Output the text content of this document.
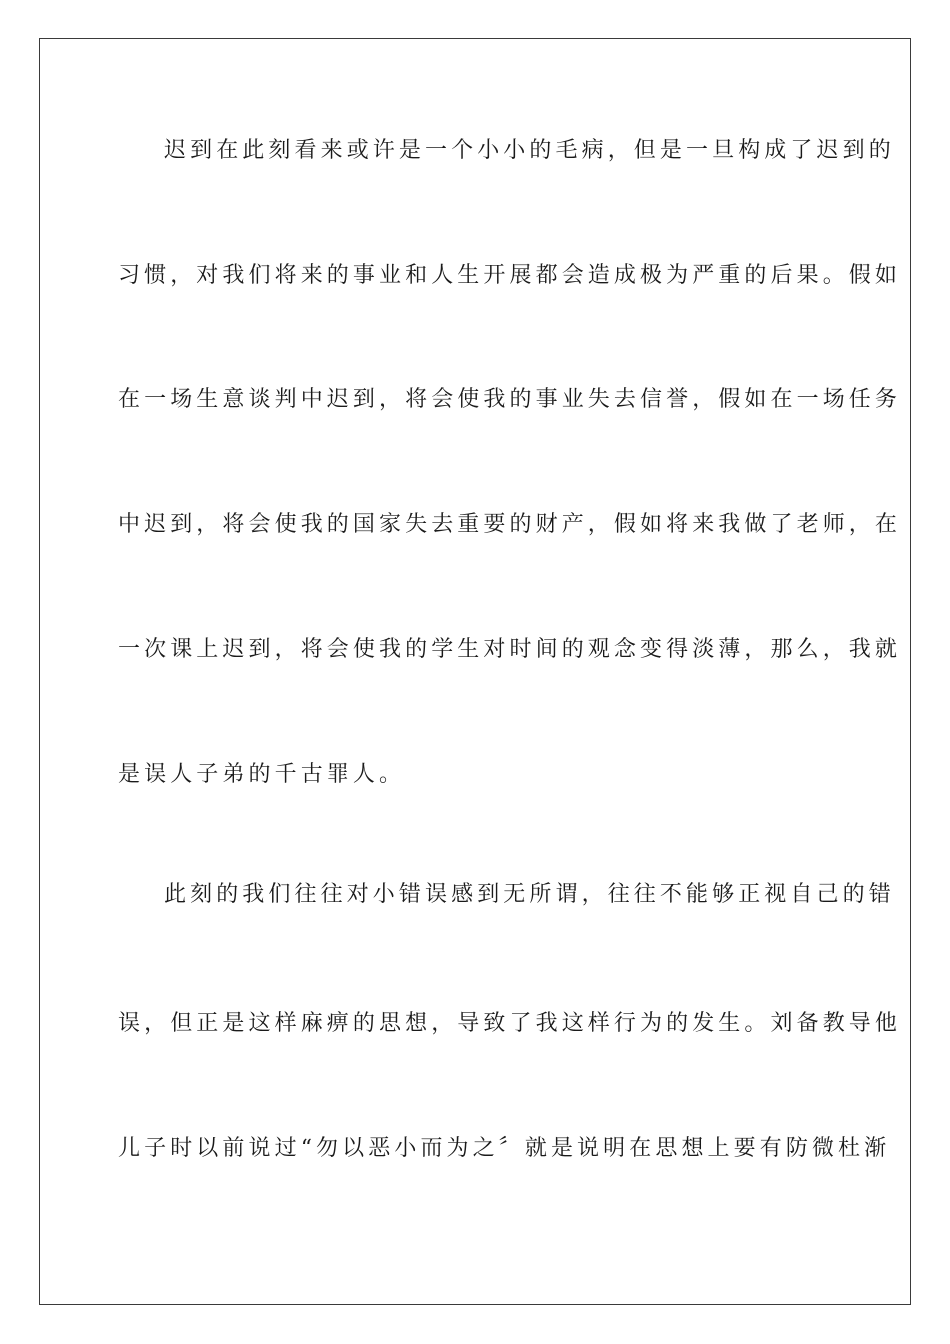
迟到在此刻看来或许是一个小小的毛病，但是一旦构成了迟到的
习惯，对我们将来的事业和人生开展都会造成极为严重的后果。假如
在一场生意谈判中迟到，将会使我的事业失去信誉，假如在一场任务
中迟到，将会使我的国家失去重要的财产，假如将来我做了老师，在
一次课上迟到，将会使我的学生对时间的观念变得淡薄，那么，我就
是误人子弟的千古罪人。
此刻的我们往往对小错误感到无所谓，往往不能够正视自己的错
误，但正是这样麻痹的思想，导致了我这样行为的发生。刘备教导他
儿子时以前说过“勿以恶小而为之〞就是说明在思想上要有防微杜渐
